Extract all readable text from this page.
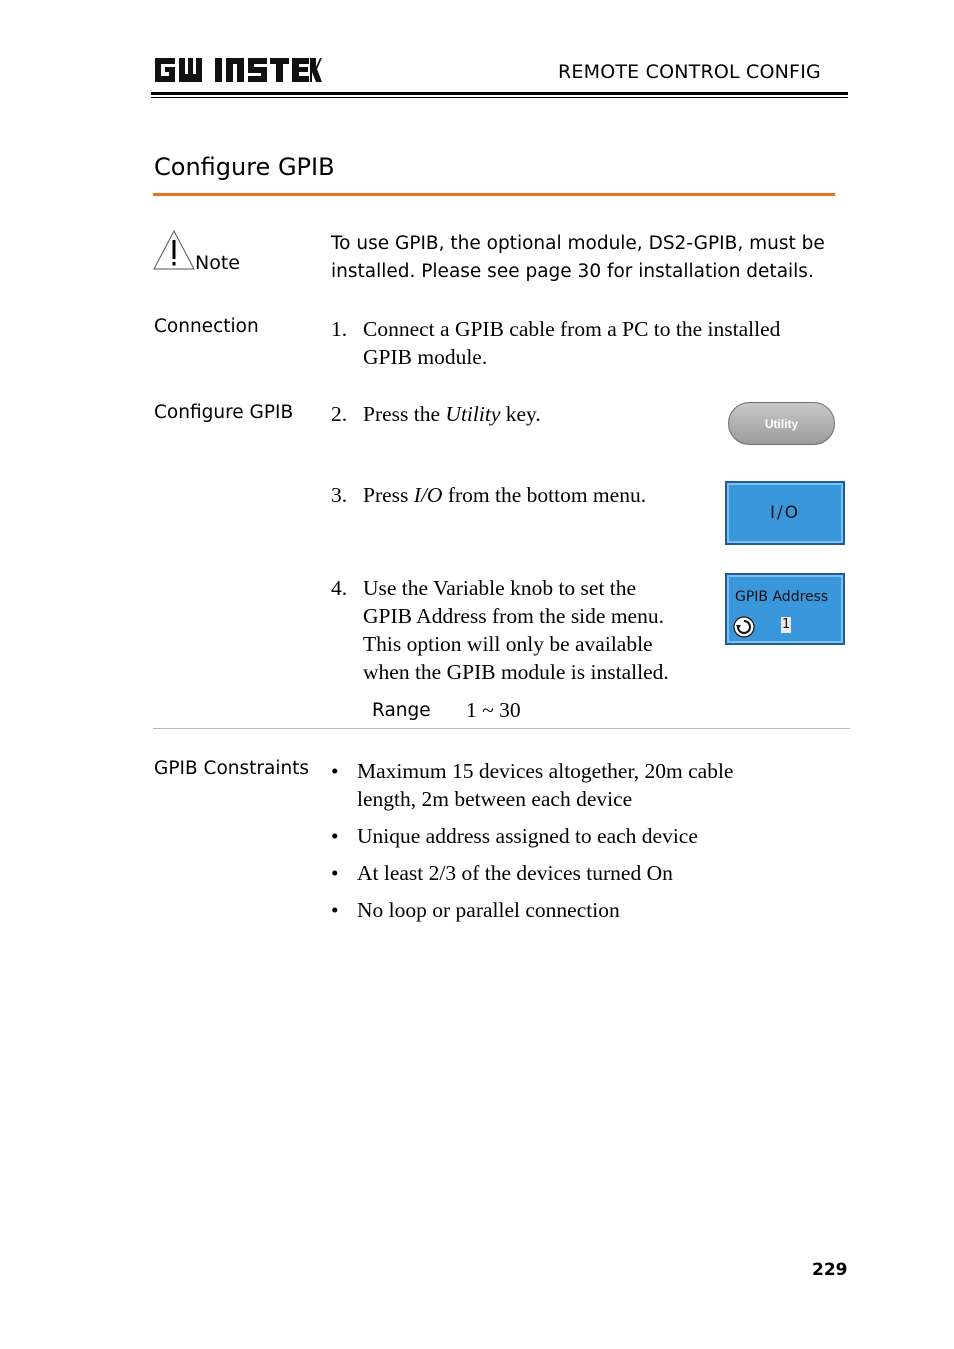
REMOTE CONTROL CONFIG
Configure GPIB
Note
To use GPIB, the optional module, DS2-GPIB, must be installed. Please see page 30 for installation details.
Connection
Configure GPIB
GPIB Constraints
1. Connect a GPIB cable from a PC to the installed
GPIB module.
2. Press the Utility key.	Utility
3. Press I/O from the bottom menu.
I/O
4. Use the Variable knob to set the
GPIB Address from the side menu.
This option will only be available
when the GPIB module is installed.
GPIB Address
1
Range 1 ~ 30
• Maximum 15 devices altogether, 20m cable
length, 2m between each device
• Unique address assigned to each device
• At least 2/3 of the devices turned On
• No loop or parallel connection
229
